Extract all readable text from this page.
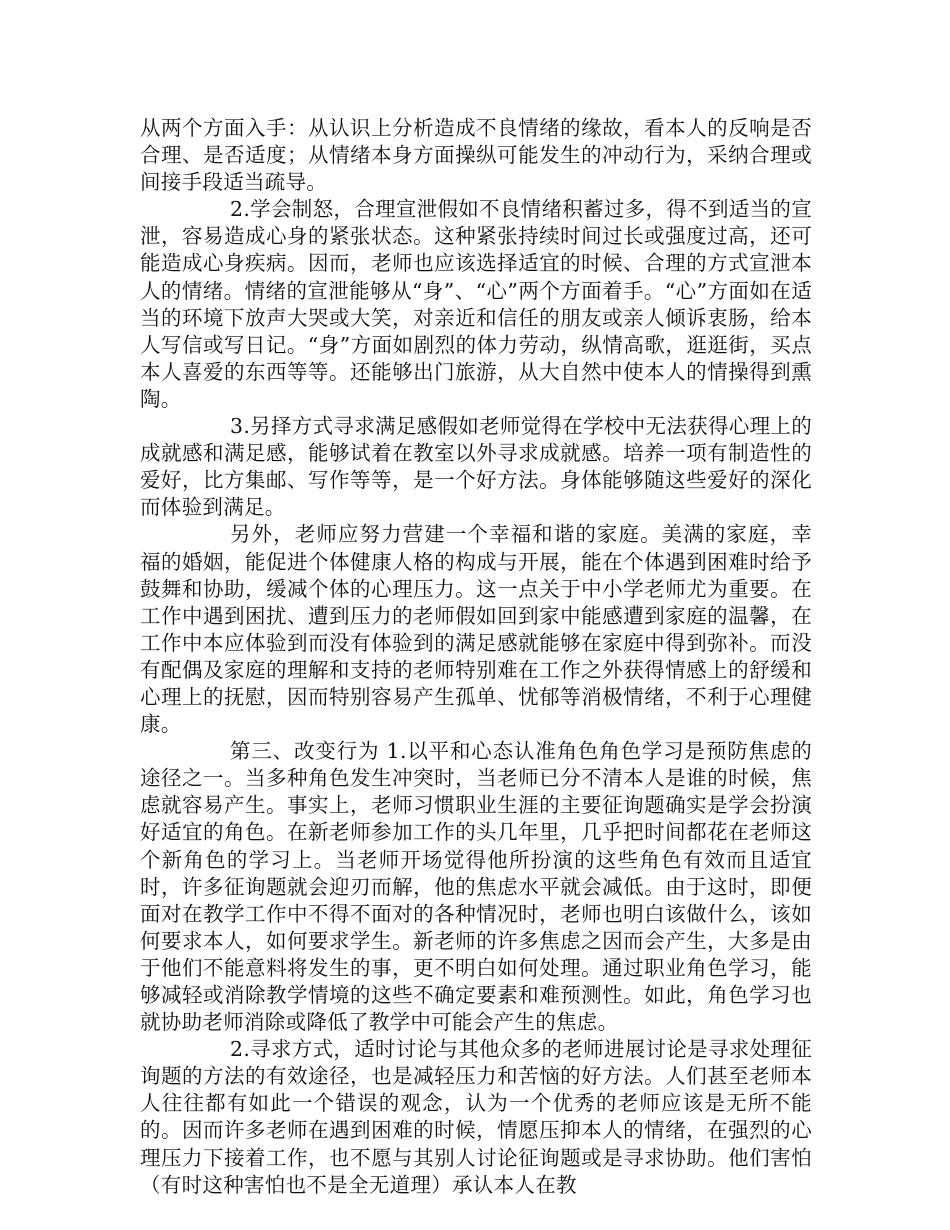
从两个方面入手：从认识上分析造成不良情绪的缘故，看本人的反响是否合理、是否适度；从情绪本身方面操纵可能发生的冲动行为，采纳合理或间接手段适当疏导。

2.学会制怒，合理宣泄假如不良情绪积蓄过多，得不到适当的宣泄，容易造成心身的紧张状态。这种紧张持续时间过长或强度过高，还可能造成心身疾病。因而，老师也应该选择适宜的时候、合理的方式宣泄本人的情绪。情绪的宣泄能够从“身”、“心”两个方面着手。“心”方面如在适当的环境下放声大哭或大笑，对亲近和信任的朋友或亲人倾诉衷肠，给本人写信或写日记。“身”方面如剧烈的体力劳动，纵情高歌，逛逛街，买点本人喜爱的东西等等。还能够出门旅游，从大自然中使本人的情操得到熏陶。

3.另择方式寻求满足感假如老师觉得在学校中无法获得心理上的成就感和满足感，能够试着在教室以外寻求成就感。培养一项有制造性的爱好，比方集邮、写作等等，是一个好方法。身体能够随这些爱好的深化而体验到满足。

另外，老师应努力营建一个幸福和谐的家庭。美满的家庭，幸福的婚姻，能促进个体健康人格的构成与开展，能在个体遇到困难时给予鼓舞和协助，缓减个体的心理压力。这一点关于中小学老师尤为重要。在工作中遇到困扰、遭到压力的老师假如回到家中能感遭到家庭的温馨，在工作中本应体验到而没有体验到的满足感就能够在家庭中得到弥补。而没有配偶及家庭的理解和支持的老师特别难在工作之外获得情感上的舒缓和心理上的抚慰，因而特别容易产生孤单、忧郁等消极情绪，不利于心理健康。

第三、改变行为 1.以平和心态认准角色角色学习是预防焦虑的途径之一。当多种角色发生冲突时，当老师已分不清本人是谁的时候，焦虑就容易产生。事实上，老师习惯职业生涯的主要征询题确实是学会扮演好适宜的角色。在新老师参加工作的头几年里，几乎把时间都花在老师这个新角色的学习上。当老师开场觉得他所扮演的这些角色有效而且适宜时，许多征询题就会迎刃而解，他的焦虑水平就会减低。由于这时，即便面对在教学工作中不得不面对的各种情况时，老师也明白该做什么，该如何要求本人，如何要求学生。新老师的许多焦虑之因而会产生，大多是由于他们不能意料将发生的事，更不明白如何处理。通过职业角色学习，能够减轻或消除教学情境的这些不确定要素和难预测性。如此，角色学习也就协助老师消除或降低了教学中可能会产生的焦虑。

2.寻求方式，适时讨论与其他众多的老师进展讨论是寻求处理征询题的方法的有效途径，也是减轻压力和苦恼的好方法。人们甚至老师本人往往都有如此一个错误的观念，认为一个优秀的老师应该是无所不能的。因而许多老师在遇到困难的时候，情愿压抑本人的情绪，在强烈的心理压力下接着工作，也不愿与其别人讨论征询题或是寻求协助。他们害怕（有时这种害怕也不是全无道理）承认本人在教
